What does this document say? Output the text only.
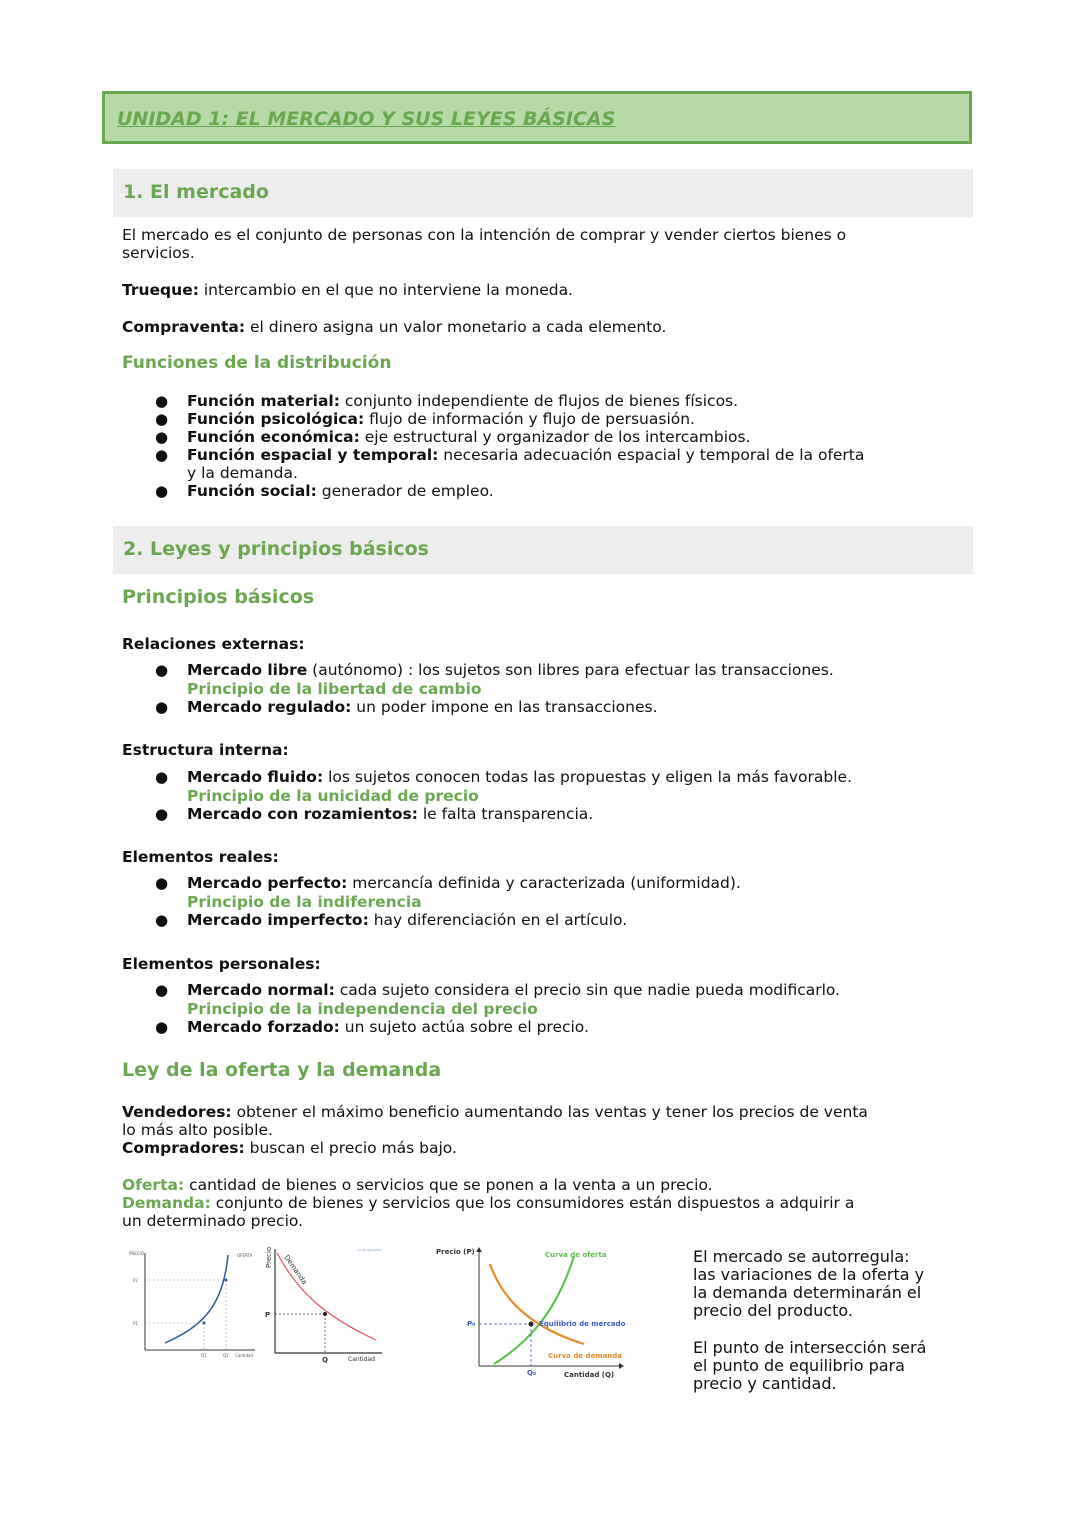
UNIDAD 1: EL MERCADO Y SUS LEYES BÁSICAS
1. El mercado
El mercado es el conjunto de personas con la intención de comprar y vender ciertos bienes o
servicios.
Trueque: intercambio en el que no interviene la moneda.
Compraventa: el dinero asigna un valor monetario a cada elemento.
Funciones de la distribución
● Función material: conjunto independiente de flujos de bienes físicos.
● Función psicológica: flujo de información y flujo de persuasión.
● Función económica: eje estructural y organizador de los intercambios.
● Función espacial y temporal: necesaria adecuación espacial y temporal de la oferta
y la demanda.
● Función social: generador de empleo.
2. Leyes y principios básicos
Principios básicos
Relaciones externas:
● Mercado libre (autónomo) : los sujetos son libres para efectuar las transacciones.
Principio de la libertad de cambio
● Mercado regulado: un poder impone en las transacciones.
Estructura interna:
● Mercado fluido: los sujetos conocen todas las propuestas y eligen la más favorable.
Principio de la unicidad de precio
● Mercado con rozamientos: le falta transparencia.
Elementos reales:
● Mercado perfecto: mercancía definida y caracterizada (uniformidad).
Principio de la indiferencia
● Mercado imperfecto: hay diferenciación en el artículo.
Elementos personales:
● Mercado normal: cada sujeto considera el precio sin que nadie pueda modificarlo.
Principio de la independencia del precio
● Mercado forzado: un sujeto actúa sobre el precio.
Ley de la oferta y la demanda
Vendedores: obtener el máximo beneficio aumentando las ventas y tener los precios de venta
lo más alto posible.
Compradores: buscan el precio más bajo.
Oferta: cantidad de bienes o servicios que se ponen a la venta a un precio.
Demanda: conjunto de bienes y servicios que los consumidores están dispuestos a adquirir a
un determinado precio.
PRECIO	OFERTA
P2
P1
Q1	Q2 Cantidad
Precio	Cu de demanda
Demanda
P
Q	Cantidad
Precio (P)	Curva de oferta
Equilibrio de mercado
Curva de demanda
P₀
Q₀	Cantidad (Q)
El mercado se autorregula:
las variaciones de la oferta y
la demanda determinarán el
precio del producto.
El punto de intersección será
el punto de equilibrio para
precio y cantidad.
